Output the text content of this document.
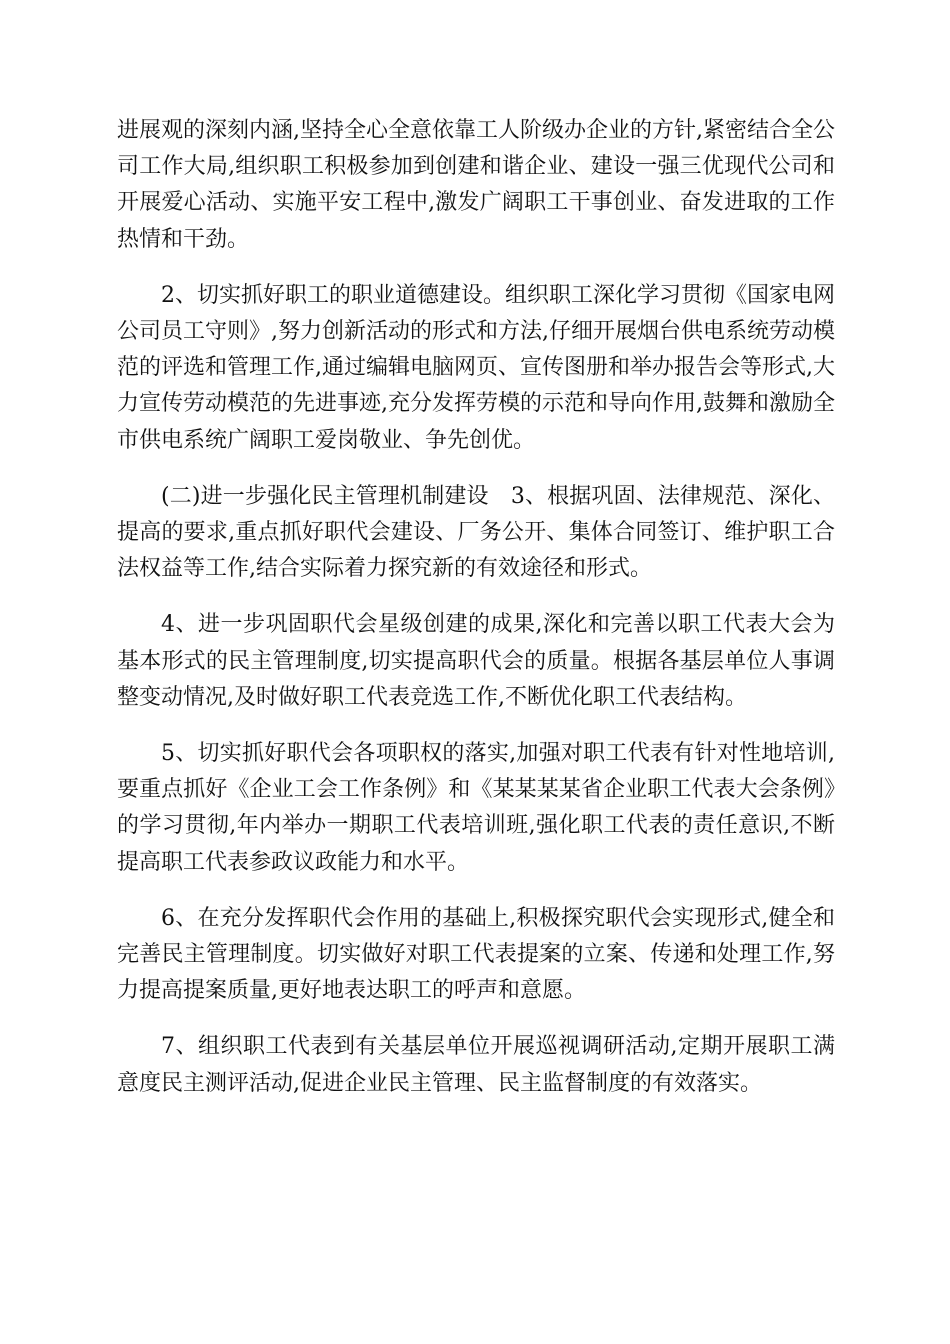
进展观的深刻内涵,坚持全心全意依靠工人阶级办企业的方针,紧密结合全公司工作大局,组织职工积极参加到创建和谐企业、建设一强三优现代公司和开展爱心活动、实施平安工程中,激发广阔职工干事创业、奋发进取的工作热情和干劲。

2、切实抓好职工的职业道德建设。组织职工深化学习贯彻《国家电网公司员工守则》,努力创新活动的形式和方法,仔细开展烟台供电系统劳动模范的评选和管理工作,通过编辑电脑网页、宣传图册和举办报告会等形式,大力宣传劳动模范的先进事迹,充分发挥劳模的示范和导向作用,鼓舞和激励全市供电系统广阔职工爱岗敬业、争先创优。

(二)进一步强化民主管理机制建设　3、根据巩固、法律规范、深化、提高的要求,重点抓好职代会建设、厂务公开、集体合同签订、维护职工合法权益等工作,结合实际着力探究新的有效途径和形式。

4、进一步巩固职代会星级创建的成果,深化和完善以职工代表大会为基本形式的民主管理制度,切实提高职代会的质量。根据各基层单位人事调整变动情况,及时做好职工代表竞选工作,不断优化职工代表结构。

5、切实抓好职代会各项职权的落实,加强对职工代表有针对性地培训,要重点抓好《企业工会工作条例》和《某某某某省企业职工代表大会条例》的学习贯彻,年内举办一期职工代表培训班,强化职工代表的责任意识,不断提高职工代表参政议政能力和水平。

6、在充分发挥职代会作用的基础上,积极探究职代会实现形式,健全和完善民主管理制度。切实做好对职工代表提案的立案、传递和处理工作,努力提高提案质量,更好地表达职工的呼声和意愿。

7、组织职工代表到有关基层单位开展巡视调研活动,定期开展职工满意度民主测评活动,促进企业民主管理、民主监督制度的有效落实。
